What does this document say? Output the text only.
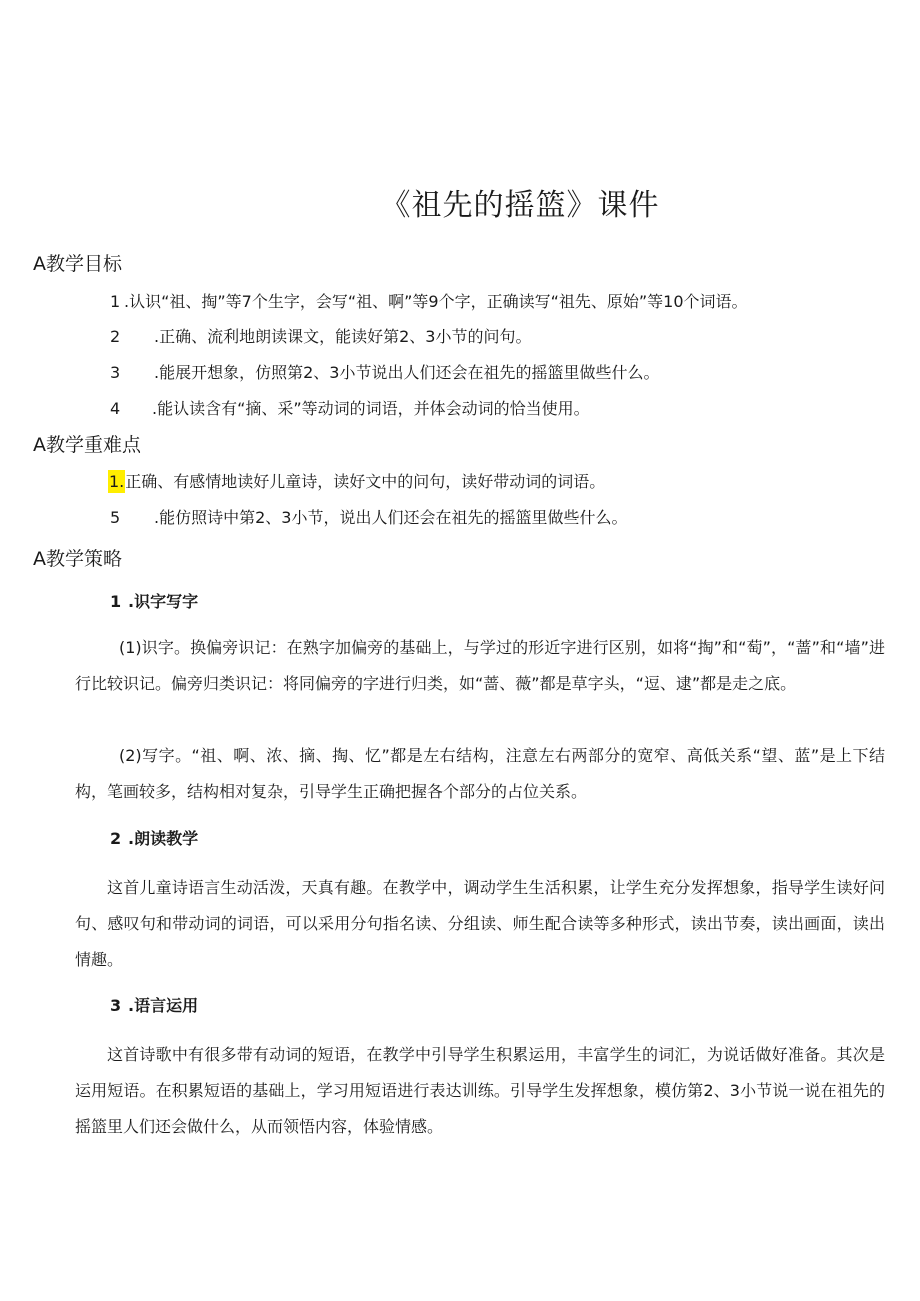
《祖先的摇篮》课件
A教学目标
1 .认识“祖、掏”等7个生字，会写“祖、啊”等9个字，正确读写“祖先、原始”等10个词语。
2 .正确、流利地朗读课文，能读好第2、3小节的问句。
3 .能展开想象，仿照第2、3小节说出人们还会在祖先的摇篮里做些什么。
4 .能认读含有“摘、采”等动词的词语，并体会动词的恰当使用。
A教学重难点
1.正确、有感情地读好儿童诗，读好文中的问句，读好带动词的词语。
5 .能仿照诗中第2、3小节，说出人们还会在祖先的摇篮里做些什么。
A教学策略
1 .识字写字
(1)识字。换偏旁识记：在熟字加偏旁的基础上，与学过的形近字进行区别，如将“掏”和“萄”，“蔷”和“墙”进行比较识记。偏旁归类识记：将同偏旁的字进行归类，如“蔷、薇”都是草字头，“逗、逮”都是走之底。
(2)写字。“祖、啊、浓、摘、掏、忆”都是左右结构，注意左右两部分的宽窄、高低关系“望、蓝”是上下结构，笔画较多，结构相对复杂，引导学生正确把握各个部分的占位关系。
2 .朗读教学
这首儿童诗语言生动活泼，天真有趣。在教学中，调动学生生活积累，让学生充分发挥想象，指导学生读好问句、感叹句和带动词的词语，可以采用分句指名读、分组读、师生配合读等多种形式，读出节奏，读出画面，读出情趣。
3 .语言运用
这首诗歌中有很多带有动词的短语，在教学中引导学生积累运用，丰富学生的词汇，为说话做好准备。其次是运用短语。在积累短语的基础上，学习用短语进行表达训练。引导学生发挥想象，模仿第2、3小节说一说在祖先的摇篮里人们还会做什么，从而领悟内容，体验情感。
